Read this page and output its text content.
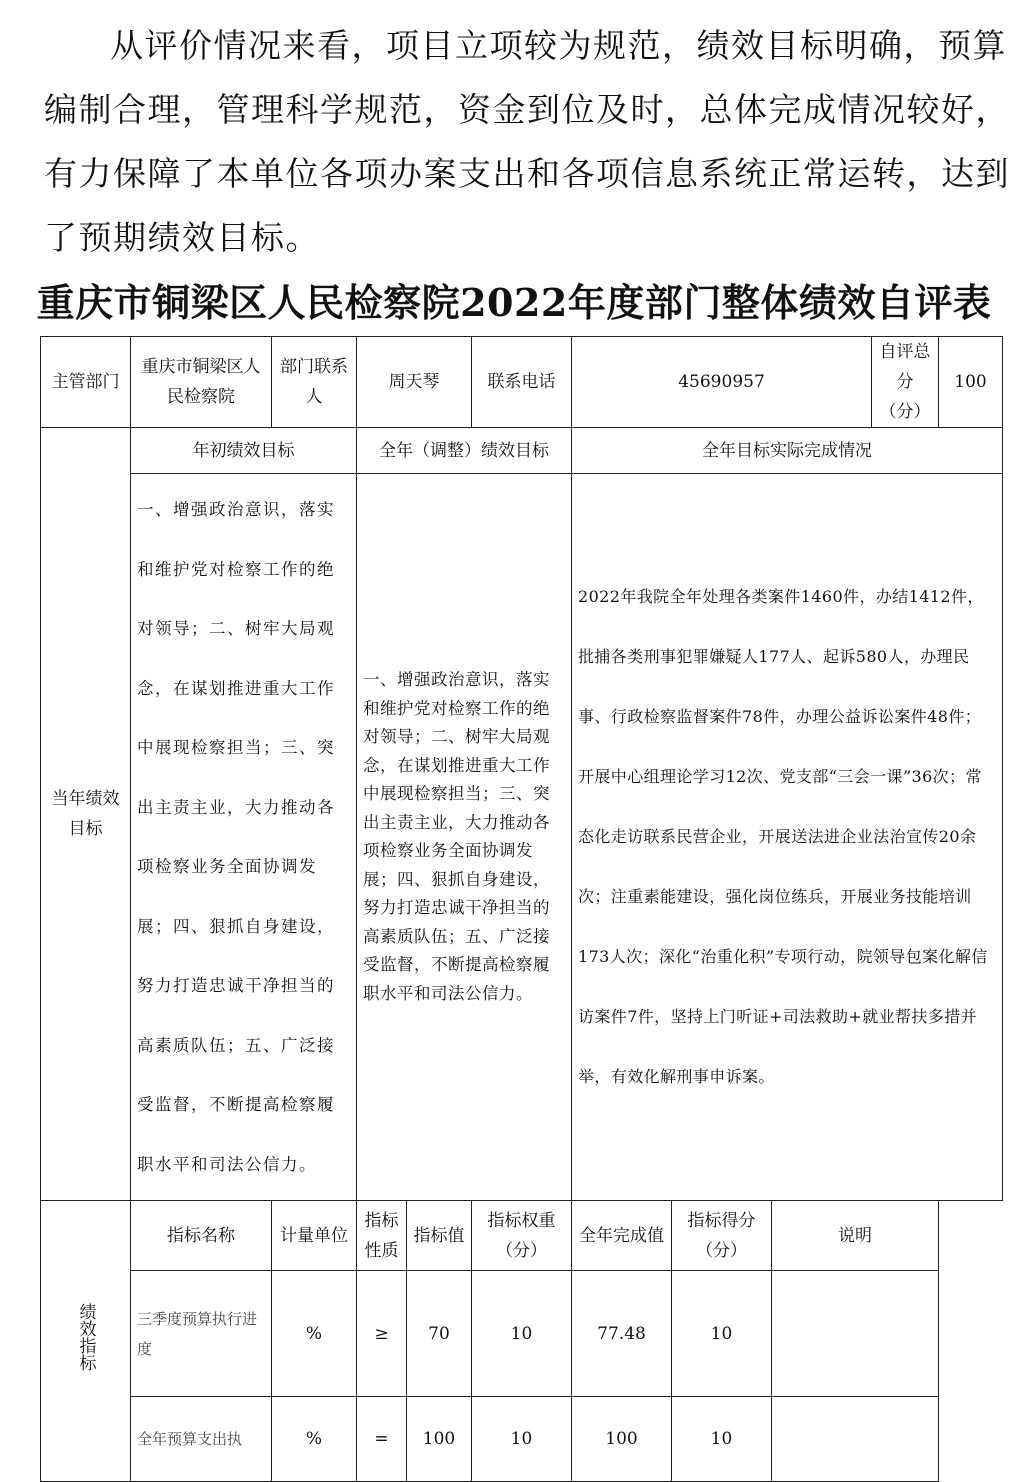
从评价情况来看，项目立项较为规范，绩效目标明确，预算
编制合理，管理科学规范，资金到位及时，总体完成情况较好，
有力保障了本单位各项办案支出和各项信息系统正常运转，达到
了预期绩效目标。
重庆市铜梁区人民检察院2022年度部门整体绩效自评表
主管部门	重庆市铜梁区人民检察院	部门联系人	周天琴		联系电话	45690957			自评总分（分）	100
当年绩效目标	年初绩效目标		全年（调整）绩效目标			全年目标实际完成情况				
	一、增强政治意识，落实和维护党对检察工作的绝对领导；二、树牢大局观念，在谋划推进重大工作中展现检察担当；三、突出主责主业，大力推动各项检察业务全面协调发展；四、狠抓自身建设，努力打造忠诚干净担当的高素质队伍；五、广泛接受监督，不断提高检察履职水平和司法公信力。		一、增强政治意识，落实和维护党对检察工作的绝对领导；二、树牢大局观念，在谋划推进重大工作中展现检察担当；三、突出主责主业，大力推动各项检察业务全面协调发展；四、狠抓自身建设，努力打造忠诚干净担当的高素质队伍；五、广泛接受监督，不断提高检察履职水平和司法公信力。			2022年我院全年处理各类案件1460件，办结1412件，批捕各类刑事犯罪嫌疑人177人、起诉580人，办理民事、行政检察监督案件78件，办理公益诉讼案件48件；开展中心组理论学习12次、党支部“三会一课”36次；常态化走访联系民营企业，开展送法进企业法治宣传20余次；注重素能建设，强化岗位练兵，开展业务技能培训173人次；深化“治重化积”专项行动，院领导包案化解信访案件7件，坚持上门听证+司法救助+就业帮扶多措并举，有效化解刑事申诉案。				
绩效指标	指标名称	计量单位	指标性质	指标值	指标权重（分）	全年完成值	指标得分（分）	说明		
	三季度预算执行进度	%	≥	70	10	77.48	10			
	全年预算支出执	%	=	100	10	100	10			
